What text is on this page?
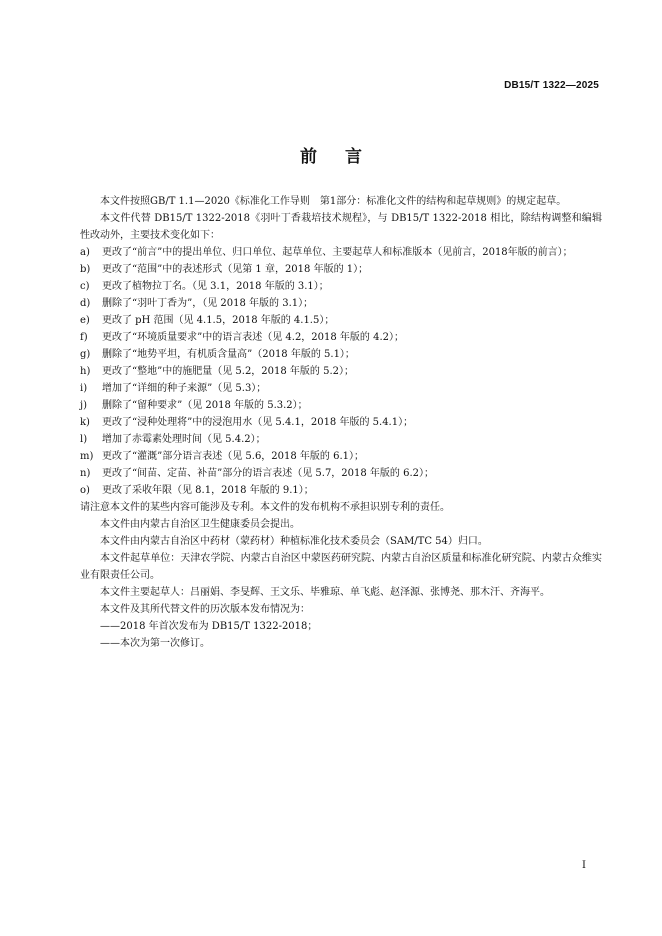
DB15/T 1322—2025
前言

本文件按照GB/T 1.1—2020《标准化工作导则　第1部分：标准化文件的结构和起草规则》的规定起草。

本文件代替 DB15/T 1322-2018《羽叶丁香栽培技术规程》，与 DB15/T 1322-2018 相比，除结构调整和编辑性改动外，主要技术变化如下：

a) 更改了“前言”中的提出单位、归口单位、起草单位、主要起草人和标准版本（见前言，2018年版的前言）；

b) 更改了“范围”中的表述形式（见第 1 章，2018 年版的 1）；

c) 更改了植物拉丁名。（见 3.1，2018 年版的 3.1）；

d) 删除了“羽叶丁香为”，（见 2018 年版的 3.1）；

e) 更改了 pH 范围（见 4.1.5，2018 年版的 4.1.5）；

f) 更改了“环境质量要求”中的语言表述（见 4.2，2018 年版的 4.2）；

g) 删除了“地势平坦，有机质含量高”（2018 年版的 5.1）；

h) 更改了“整地”中的施肥量（见 5.2，2018 年版的 5.2）；

i) 增加了“详细的种子来源”（见 5.3）；

j) 删除了“留种要求”（见 2018 年版的 5.3.2）；

k) 更改了“浸种处理将”中的浸泡用水（见 5.4.1，2018 年版的 5.4.1）；

l) 增加了赤霉素处理时间（见 5.4.2）；

m) 更改了“灌溉”部分语言表述（见 5.6，2018 年版的 6.1）；

n) 更改了“间苗、定苗、补苗”部分的语言表述（见 5.7，2018 年版的 6.2）；

o) 更改了采收年限（见 8.1，2018 年版的 9.1）；

请注意本文件的某些内容可能涉及专利。本文件的发布机构不承担识别专利的责任。

本文件由内蒙古自治区卫生健康委员会提出。

本文件由内蒙古自治区中药材（蒙药材）种植标准化技术委员会（SAM/TC 54）归口。

本文件起草单位：天津农学院、内蒙古自治区中蒙医药研究院、内蒙古自治区质量和标准化研究院、内蒙古众维实业有限责任公司。

本文件主要起草人：吕丽娟、李旻辉、王文乐、毕雅琼、单飞彪、赵泽源、张博尧、那木汗、齐海平。

本文件及其所代替文件的历次版本发布情况为：

——2018 年首次发布为 DB15/T 1322-2018；

——本次为第一次修订。

I
